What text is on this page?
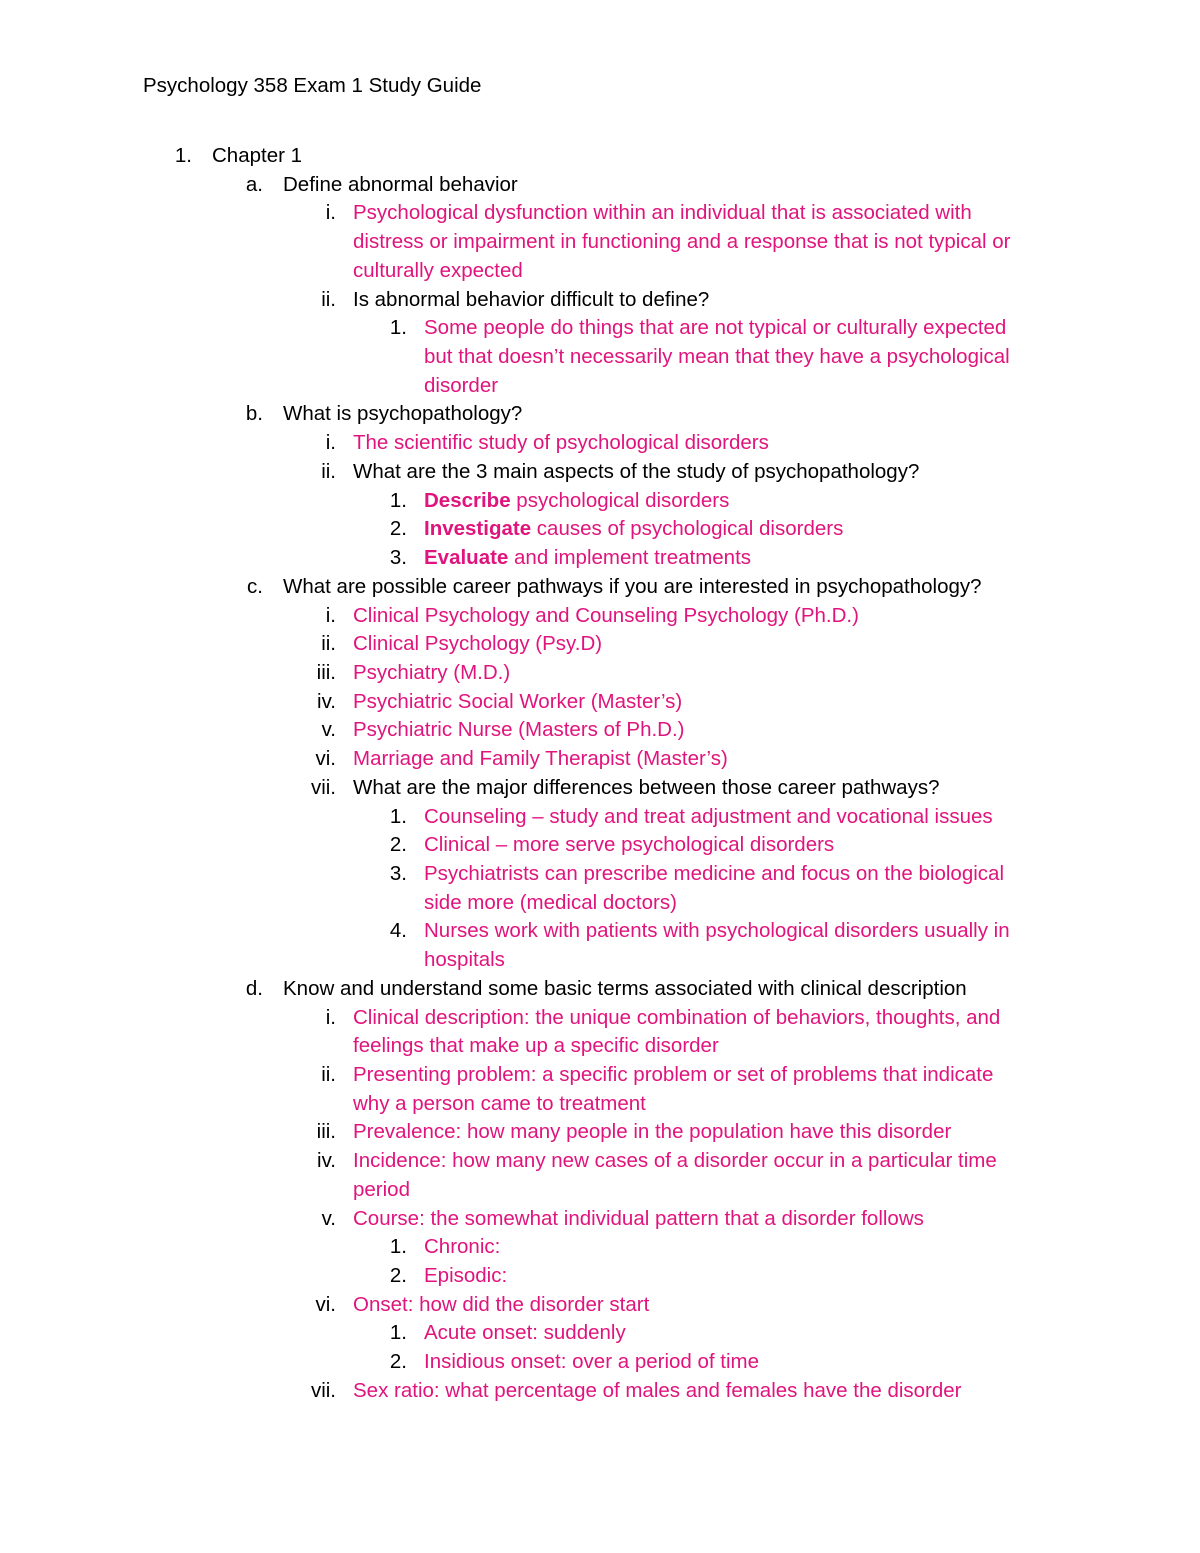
Psychology 358 Exam 1 Study Guide
1. Chapter 1
a. Define abnormal behavior
i. Psychological dysfunction within an individual that is associated with
distress or impairment in functioning and a response that is not typical or
culturally expected
ii. Is abnormal behavior difficult to define?
1. Some people do things that are not typical or culturally expected
but that doesn’t necessarily mean that they have a psychological
disorder
b. What is psychopathology?
i. The scientific study of psychological disorders
ii. What are the 3 main aspects of the study of psychopathology?
1. Describe psychological disorders
2. Investigate causes of psychological disorders
3. Evaluate and implement treatments
c. What are possible career pathways if you are interested in psychopathology?
i. Clinical Psychology and Counseling Psychology (Ph.D.)
ii. Clinical Psychology (Psy.D)
iii. Psychiatry (M.D.)
iv. Psychiatric Social Worker (Master’s)
v. Psychiatric Nurse (Masters of Ph.D.)
vi. Marriage and Family Therapist (Master’s)
vii. What are the major differences between those career pathways?
1. Counseling – study and treat adjustment and vocational issues
2. Clinical – more serve psychological disorders
3. Psychiatrists can prescribe medicine and focus on the biological
side more (medical doctors)
4. Nurses work with patients with psychological disorders usually in
hospitals
d. Know and understand some basic terms associated with clinical description
i. Clinical description: the unique combination of behaviors, thoughts, and
feelings that make up a specific disorder
ii. Presenting problem: a specific problem or set of problems that indicate
why a person came to treatment
iii. Prevalence: how many people in the population have this disorder
iv. Incidence: how many new cases of a disorder occur in a particular time
period
v. Course: the somewhat individual pattern that a disorder follows
1. Chronic:
2. Episodic:
vi. Onset: how did the disorder start
1. Acute onset: suddenly
2. Insidious onset: over a period of time
vii. Sex ratio: what percentage of males and females have the disorder
